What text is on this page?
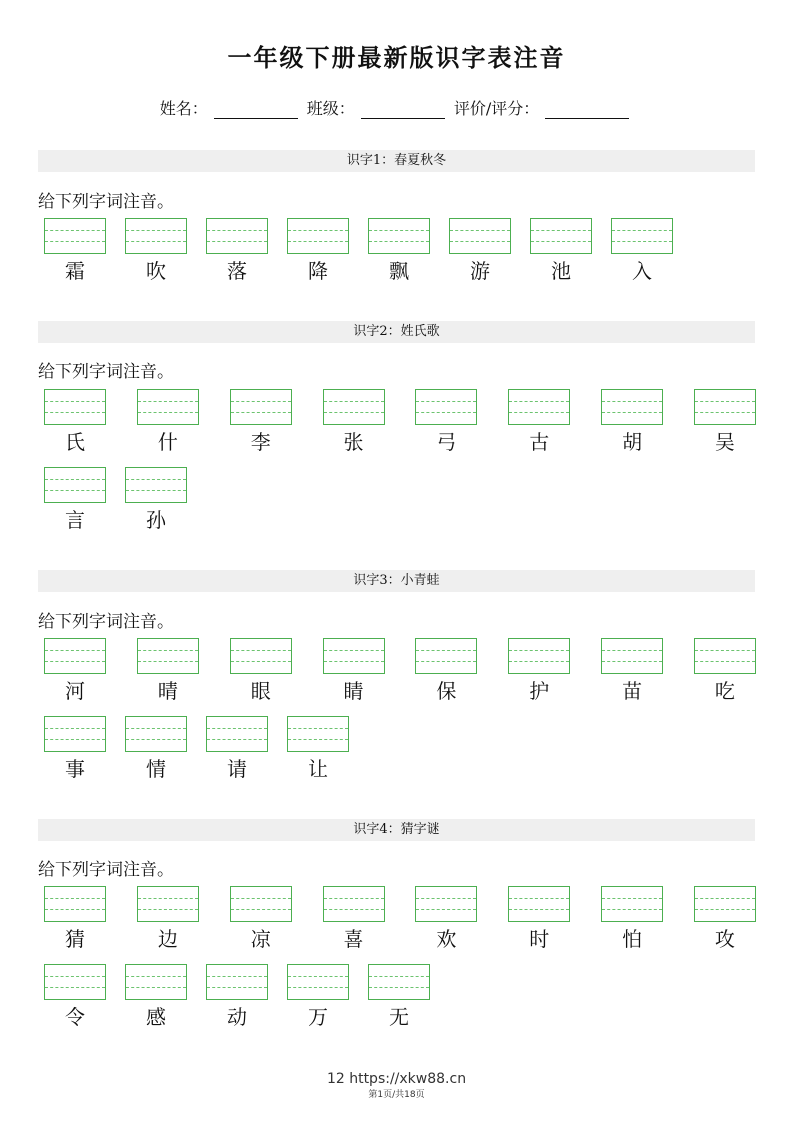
一年级下册最新版识字表注音
姓名：	班级：	评价/评分：
识字1：春夏秋冬
给下列字词注音。
霜	吹	落	降	飘	游	池	入
识字2：姓氏歌
给下列字词注音。
氏	什	李	张	弓	古	胡	吴
言	孙
识字3：小青蛙
给下列字词注音。
河	晴	眼	睛	保	护	苗	吃
事	情	请	让
识字4：猜字谜
给下列字词注音。
猜	边	凉	喜	欢	时	怕	攻
令	感	动	万	无
12 https://xkw88.cn
第1页/共18页
